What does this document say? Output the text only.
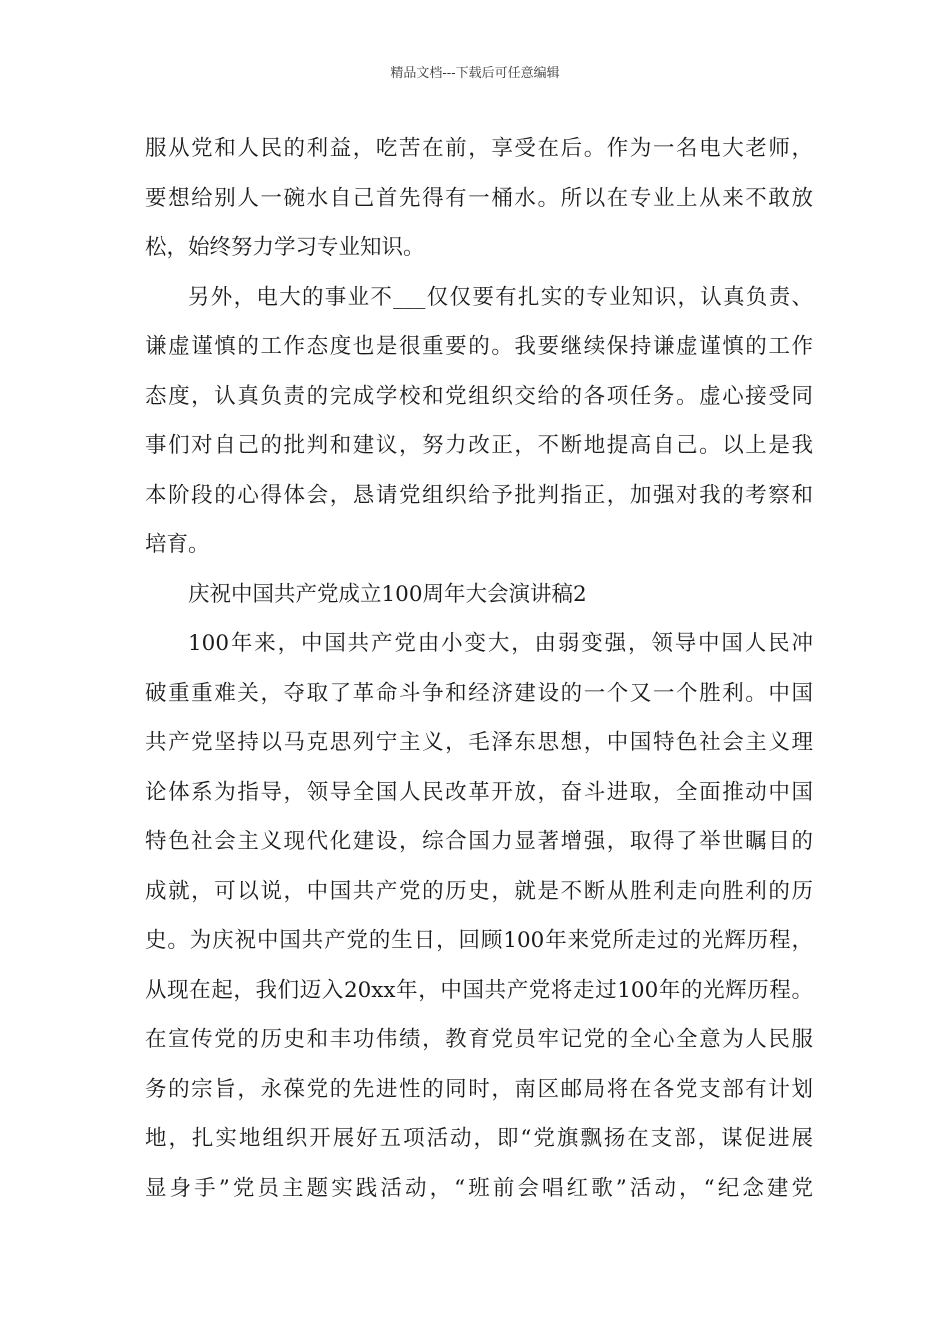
精品文档---下载后可任意编辑
服从党和人民的利益，吃苦在前，享受在后。作为一名电大老师，
要想给别人一碗水自己首先得有一桶水。所以在专业上从来不敢放
松，始终努力学习专业知识。
另外，电大的事业不___仅仅要有扎实的专业知识，认真负责、
谦虚谨慎的工作态度也是很重要的。我要继续保持谦虚谨慎的工作
态度，认真负责的完成学校和党组织交给的各项任务。虚心接受同
事们对自己的批判和建议，努力改正，不断地提高自己。以上是我
本阶段的心得体会，恳请党组织给予批判指正，加强对我的考察和
培育。
庆祝中国共产党成立100周年大会演讲稿2
100年来，中国共产党由小变大，由弱变强，领导中国人民冲
破重重难关，夺取了革命斗争和经济建设的一个又一个胜利。中国
共产党坚持以马克思列宁主义，毛泽东思想，中国特色社会主义理
论体系为指导，领导全国人民改革开放，奋斗进取，全面推动中国
特色社会主义现代化建设，综合国力显著增强，取得了举世瞩目的
成就，可以说，中国共产党的历史，就是不断从胜利走向胜利的历
史。为庆祝中国共产党的生日，回顾100年来党所走过的光辉历程，
从现在起，我们迈入20xx年，中国共产党将走过100年的光辉历程。
在宣传党的历史和丰功伟绩，教育党员牢记党的全心全意为人民服
务的宗旨，永葆党的先进性的同时，南区邮局将在各党支部有计划
地，扎实地组织开展好五项活动，即“党旗飘扬在支部，谋促进展
显身手”党员主题实践活动，“班前会唱红歌”活动，“纪念建党
